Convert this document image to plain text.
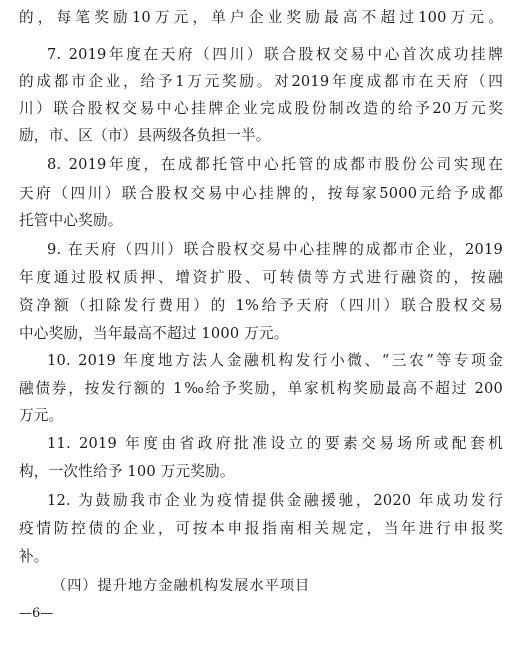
的，每笔奖励10万元，单户企业奖励最高不超过100万元。
7. 2019年度在天府（四川）联合股权交易中心首次成功挂牌
的成都市企业，给予1万元奖励。对2019年度成都市在天府（四
川）联合股权交易中心挂牌企业完成股份制改造的给予20万元奖
励，市、区（市）县两级各负担一半。
8. 2019年度，在成都托管中心托管的成都市股份公司实现在
天府（四川）联合股权交易中心挂牌的，按每家5000元给予成都
托管中心奖励。
9. 在天府（四川）联合股权交易中心挂牌的成都市企业，2019
年度通过股权质押、增资扩股、可转债等方式进行融资的，按融
资净额（扣除发行费用）的 1%给予天府（四川）联合股权交易
中心奖励，当年最高不超过 1000 万元。
10. 2019 年度地方法人金融机构发行小微、“三农”等专项金
融债券，按发行额的 1‰给予奖励，单家机构奖励最高不超过 200
万元。
11. 2019 年度由省政府批准设立的要素交易场所或配套机
构，一次性给予 100 万元奖励。
12. 为鼓励我市企业为疫情提供金融援驰，2020 年成功发行
疫情防控债的企业，可按本申报指南相关规定，当年进行申报奖
补。
（四）提升地方金融机构发展水平项目
—6—
